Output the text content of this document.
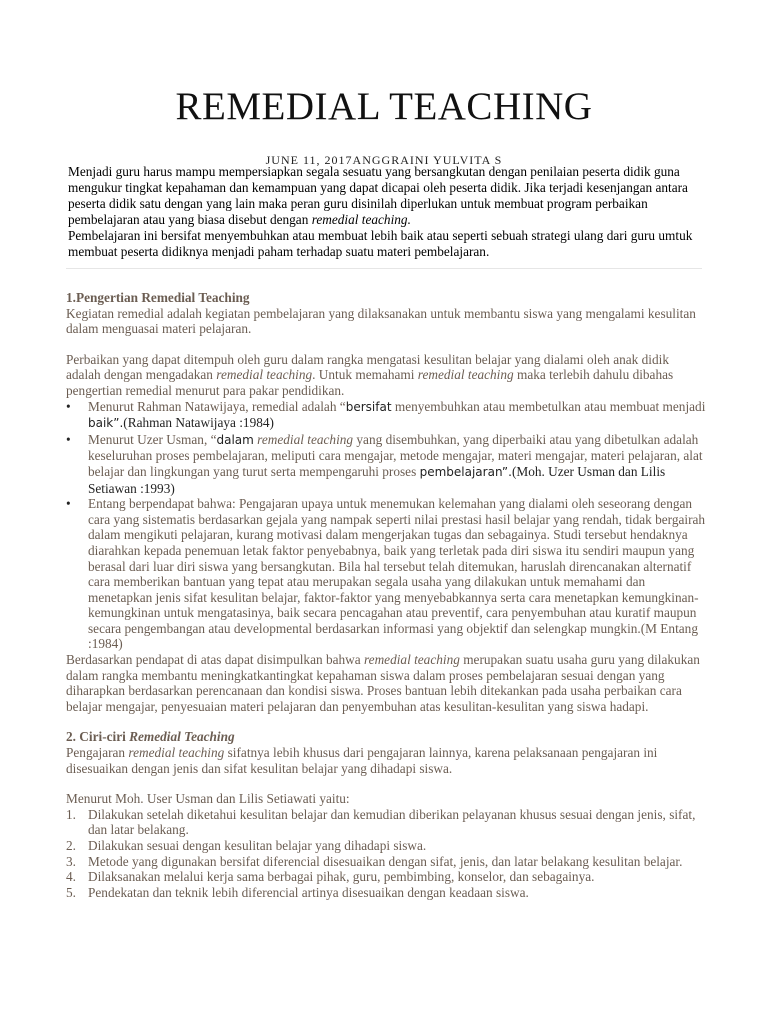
REMEDIAL TEACHING
JUNE 11, 2017ANGGRAINI YULVITA S

Menjadi guru harus mampu mempersiapkan segala sesuatu yang bersangkutan dengan penilaian peserta didik guna mengukur tingkat kepahaman dan kemampuan yang dapat dicapai oleh peserta didik. Jika terjadi kesenjangan antara peserta didik satu dengan yang lain maka peran guru disinilah diperlukan untuk membuat program perbaikan pembelajaran atau yang biasa disebut dengan remedial teaching.

Pembelajaran ini bersifat menyembuhkan atau membuat lebih baik atau seperti sebuah strategi ulang dari guru umtuk membuat peserta didiknya menjadi paham terhadap suatu materi pembelajaran.

1.Pengertian Remedial Teaching

Kegiatan remedial adalah kegiatan pembelajaran yang dilaksanakan untuk membantu siswa yang mengalami kesulitan dalam menguasai materi pelajaran.

Perbaikan yang dapat ditempuh oleh guru dalam rangka mengatasi kesulitan belajar yang dialami oleh anak didik adalah dengan mengadakan remedial teaching. Untuk memahami remedial teaching maka terlebih dahulu dibahas pengertian remedial menurut para pakar pendidikan.

• Menurut Rahman Natawijaya, remedial adalah “bersifat menyembuhkan atau membetulkan atau membuat menjadi baik”.(Rahman Natawijaya :1984)
• Menurut Uzer Usman, “dalam remedial teaching yang disembuhkan, yang diperbaiki atau yang dibetulkan adalah keseluruhan proses pembelajaran, meliputi cara mengajar, metode mengajar, materi mengajar, materi pelajaran, alat belajar dan lingkungan yang turut serta mempengaruhi proses pembelajaran”.(Moh. Uzer Usman dan Lilis Setiawan :1993)
• Entang berpendapat bahwa: Pengajaran upaya untuk menemukan kelemahan yang dialami oleh seseorang dengan cara yang sistematis berdasarkan gejala yang nampak seperti nilai prestasi hasil belajar yang rendah, tidak bergairah dalam mengikuti pelajaran, kurang motivasi dalam mengerjakan tugas dan sebagainya. Studi tersebut hendaknya diarahkan kepada penemuan letak faktor penyebabnya, baik yang terletak pada diri siswa itu sendiri maupun yang berasal dari luar diri siswa yang bersangkutan. Bila hal tersebut telah ditemukan, haruslah direncanakan alternatif cara memberikan bantuan yang tepat atau merupakan segala usaha yang dilakukan untuk memahami dan menetapkan jenis sifat kesulitan belajar, faktor-faktor yang menyebabkannya serta cara menetapkan kemungkinan-kemungkinan untuk mengatasinya, baik secara pencagahan atau preventif, cara penyembuhan atau kuratif maupun secara pengembangan atau developmental berdasarkan informasi yang objektif dan selengkap mungkin.(M Entang :1984)

Berdasarkan pendapat di atas dapat disimpulkan bahwa remedial teaching merupakan suatu usaha guru yang dilakukan dalam rangka membantu meningkatkantingkat kepahaman siswa dalam proses pembelajaran sesuai dengan yang diharapkan berdasarkan perencanaan dan kondisi siswa. Proses bantuan lebih ditekankan pada usaha perbaikan cara belajar mengajar, penyesuaian materi pelajaran dan penyembuhan atas kesulitan-kesulitan yang siswa hadapi.

2. Ciri-ciri Remedial Teaching

Pengajaran remedial teaching sifatnya lebih khusus dari pengajaran lainnya, karena pelaksanaan pengajaran ini disesuaikan dengan jenis dan sifat kesulitan belajar yang dihadapi siswa.

Menurut Moh. User Usman dan Lilis Setiawati yaitu:

1. Dilakukan setelah diketahui kesulitan belajar dan kemudian diberikan pelayanan khusus sesuai dengan jenis, sifat, dan latar belakang.
2. Dilakukan sesuai dengan kesulitan belajar yang dihadapi siswa.
3. Metode yang digunakan bersifat diferencial disesuaikan dengan sifat, jenis, dan latar belakang kesulitan belajar.
4. Dilaksanakan melalui kerja sama berbagai pihak, guru, pembimbing, konselor, dan sebagainya.
5. Pendekatan dan teknik lebih diferencial artinya disesuaikan dengan keadaan siswa.
